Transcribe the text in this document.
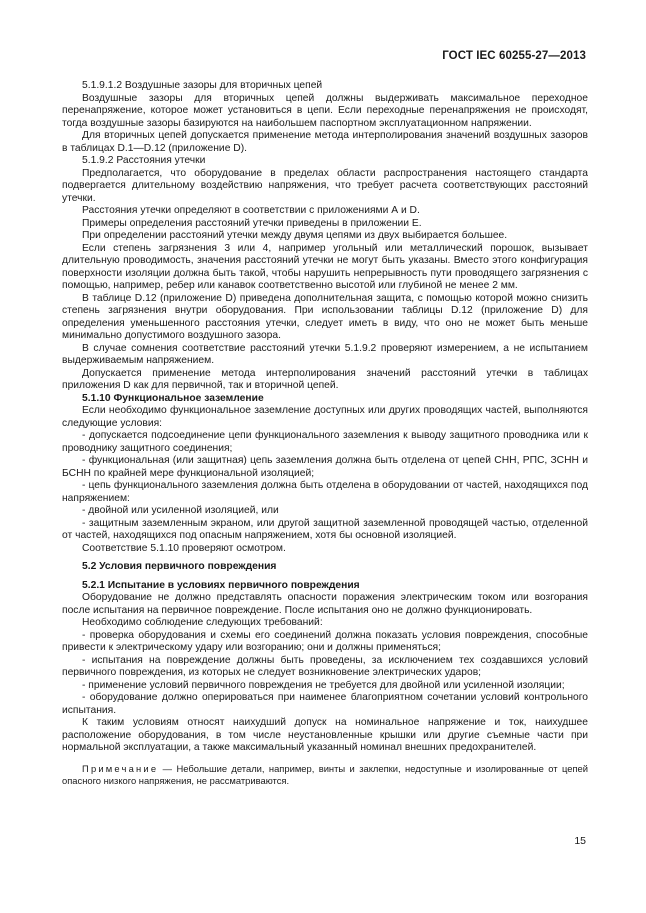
ГОСТ IEC 60255-27—2013

5.1.9.1.2 Воздушные зазоры для вторичных цепей

Воздушные зазоры для вторичных цепей должны выдерживать максимальное переходное перенапряжение, которое может установиться в цепи. Если переходные перенапряжения не происходят, тогда воздушные зазоры базируются на наибольшем паспортном эксплуатационном напряжении.

Для вторичных цепей допускается применение метода интерполирования значений воздушных зазоров в таблицах D.1—D.12 (приложение D).

5.1.9.2 Расстояния утечки

Предполагается, что оборудование в пределах области распространения настоящего стандарта подвергается длительному воздействию напряжения, что требует расчета соответствующих расстояний утечки.

Расстояния утечки определяют в соответствии с приложениями А и D.

Примеры определения расстояний утечки приведены в приложении Е.

При определении расстояний утечки между двумя цепями из двух выбирается большее.

Если степень загрязнения 3 или 4, например угольный или металлический порошок, вызывает длительную проводимость, значения расстояний утечки не могут быть указаны. Вместо этого конфигурация поверхности изоляции должна быть такой, чтобы нарушить непрерывность пути проводящего загрязнения с помощью, например, ребер или канавок соответственно высотой или глубиной не менее 2 мм.

В таблице D.12 (приложение D) приведена дополнительная защита, с помощью которой можно снизить степень загрязнения внутри оборудования. При использовании таблицы D.12 (приложение D) для определения уменьшенного расстояния утечки, следует иметь в виду, что оно не может быть меньше минимально допустимого воздушного зазора.

В случае сомнения соответствие расстояний утечки 5.1.9.2 проверяют измерением, а не испытанием выдерживаемым напряжением.

Допускается применение метода интерполирования значений расстояний утечки в таблицах приложения D как для первичной, так и вторичной цепей.

5.1.10 Функциональное заземление

Если необходимо функциональное заземление доступных или других проводящих частей, выполняются следующие условия:

- допускается подсоединение цепи функционального заземления к выводу защитного проводника или к проводнику защитного соединения;

- функциональная (или защитная) цепь заземления должна быть отделена от цепей СНН, РПС, ЗСНН и БСНН по крайней мере функциональной изоляцией;

- цепь функционального заземления должна быть отделена в оборудовании от частей, находящихся под напряжением:

- двойной или усиленной изоляцией, или

- защитным заземленным экраном, или другой защитной заземленной проводящей частью, отделенной от частей, находящихся под опасным напряжением, хотя бы основной изоляцией.

Соответствие 5.1.10 проверяют осмотром.

5.2 Условия первичного повреждения

5.2.1 Испытание в условиях первичного повреждения

Оборудование не должно представлять опасности поражения электрическим током или возгорания после испытания на первичное повреждение. После испытания оно не должно функционировать.

Необходимо соблюдение следующих требований:

- проверка оборудования и схемы его соединений должна показать условия повреждения, способные привести к электрическому удару или возгоранию; они и должны применяться;

- испытания на повреждение должны быть проведены, за исключением тех создавшихся условий первичного повреждения, из которых не следует возникновение электрических ударов;

- применение условий первичного повреждения не требуется для двойной или усиленной изоляции;

- оборудование должно оперироваться при наименее благоприятном сочетании условий контрольного испытания.

К таким условиям относят наихудший допуск на номинальное напряжение и ток, наихудшее расположение оборудования, в том числе неустановленные крышки или другие съемные части при нормальной эксплуатации, а также максимальный указанный номинал внешних предохранителей.

Примечание — Небольшие детали, например, винты и заклепки, недоступные и изолированные от цепей опасного низкого напряжения, не рассматриваются.

15
